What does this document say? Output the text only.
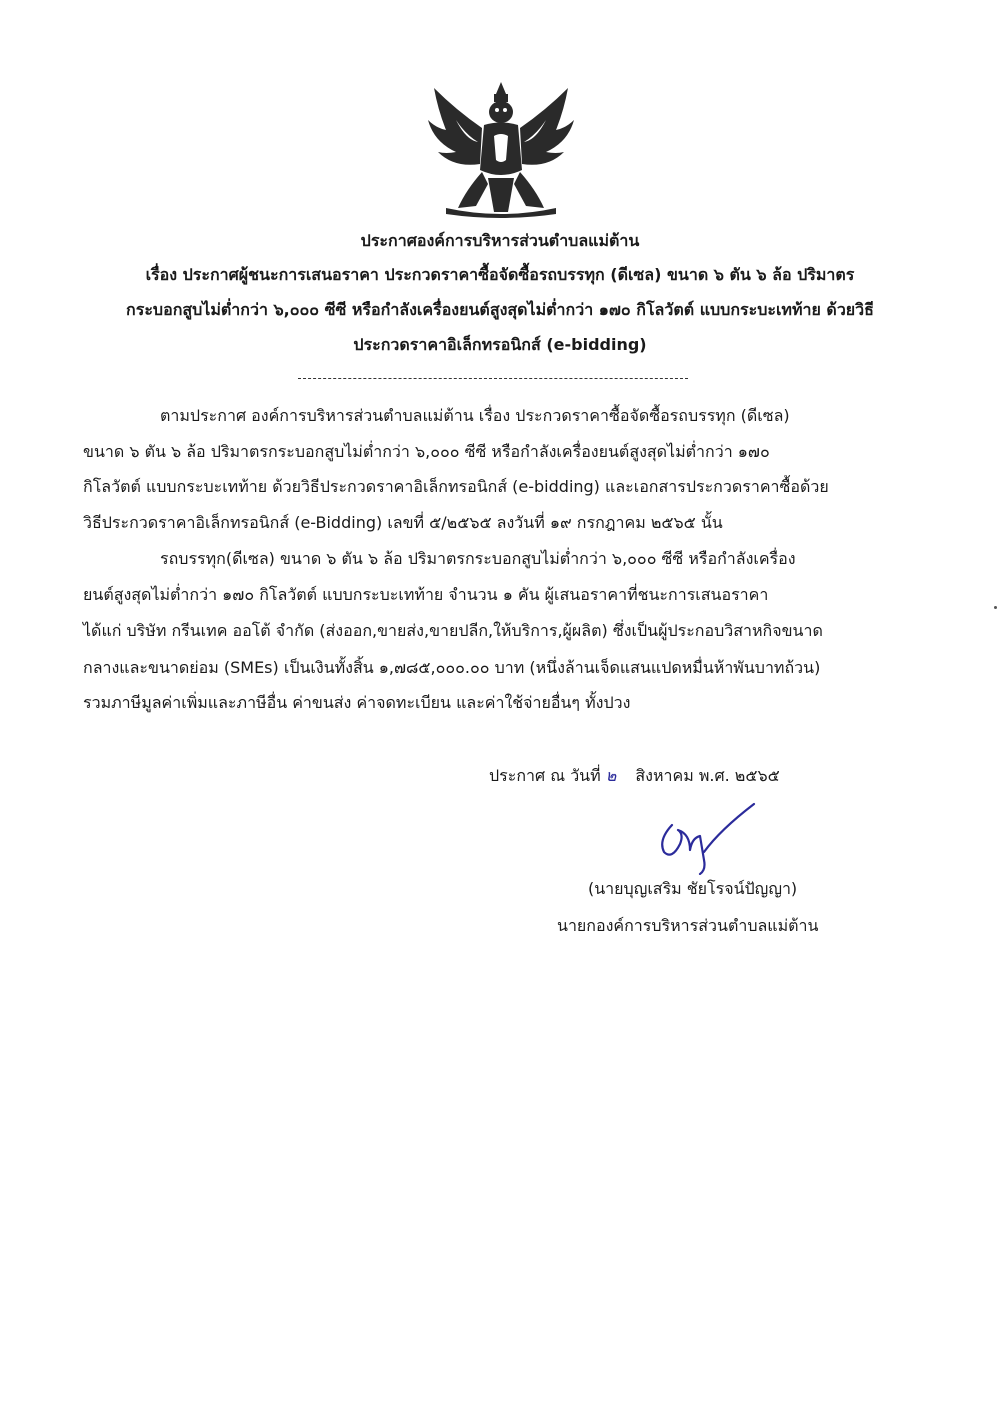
ประกาศองค์การบริหารส่วนตำบลแม่ต้าน
เรื่อง ประกาศผู้ชนะการเสนอราคา ประกวดราคาซื้อจัดซื้อรถบรรทุก (ดีเซล) ขนาด ๖ ตัน ๖ ล้อ ปริมาตร
กระบอกสูบไม่ต่ำกว่า ๖,๐๐๐ ซีซี หรือกำลังเครื่องยนต์สูงสุดไม่ต่ำกว่า ๑๗๐ กิโลวัตต์ แบบกระบะเทท้าย ด้วยวิธี
ประกวดราคาอิเล็กทรอนิกส์ (e-bidding)
ตามประกาศ องค์การบริหารส่วนตำบลแม่ต้าน เรื่อง ประกวดราคาซื้อจัดซื้อรถบรรทุก (ดีเซล)
ขนาด ๖ ตัน ๖ ล้อ ปริมาตรกระบอกสูบไม่ต่ำกว่า ๖,๐๐๐ ซีซี หรือกำลังเครื่องยนต์สูงสุดไม่ต่ำกว่า ๑๗๐
กิโลวัตต์ แบบกระบะเทท้าย ด้วยวิธีประกวดราคาอิเล็กทรอนิกส์ (e-bidding) และเอกสารประกวดราคาซื้อด้วย
วิธีประกวดราคาอิเล็กทรอนิกส์ (e-Bidding) เลขที่ ๕/๒๕๖๕ ลงวันที่ ๑๙ กรกฎาคม ๒๕๖๕ นั้น
รถบรรทุก(ดีเซล) ขนาด ๖ ตัน ๖ ล้อ ปริมาตรกระบอกสูบไม่ต่ำกว่า ๖,๐๐๐ ซีซี หรือกำลังเครื่อง
ยนต์สูงสุดไม่ต่ำกว่า ๑๗๐ กิโลวัตต์ แบบกระบะเทท้าย จำนวน ๑ คัน ผู้เสนอราคาที่ชนะการเสนอราคา
ได้แก่ บริษัท กรีนเทค ออโต้ จำกัด (ส่งออก,ขายส่ง,ขายปลีก,ให้บริการ,ผู้ผลิต) ซึ่งเป็นผู้ประกอบวิสาหกิจขนาด
กลางและขนาดย่อม (SMEs) เป็นเงินทั้งสิ้น ๑,๗๘๕,๐๐๐.๐๐ บาท (หนึ่งล้านเจ็ดแสนแปดหมื่นห้าพันบาทถ้วน)
รวมภาษีมูลค่าเพิ่มและภาษีอื่น ค่าขนส่ง ค่าจดทะเบียน และค่าใช้จ่ายอื่นๆ ทั้งปวง
ประกาศ ณ วันที่ ๒ สิงหาคม พ.ศ. ๒๕๖๕
(นายบุญเสริม ชัยโรจน์ปัญญา)
นายกองค์การบริหารส่วนตำบลแม่ต้าน
